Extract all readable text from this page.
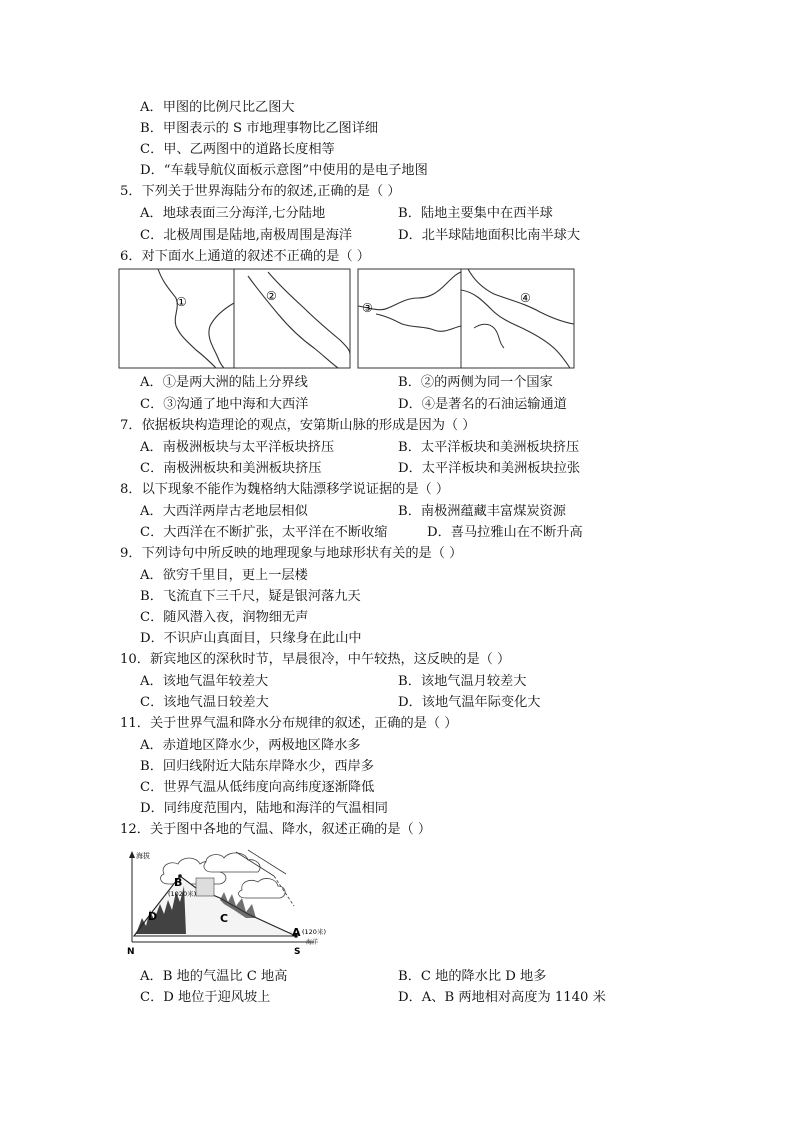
A．甲图的比例尺比乙图大
B．甲图表示的 S 市地理事物比乙图详细
C．甲、乙两图中的道路长度相等
D．“车载导航仪面板示意图”中使用的是电子地图
5．下列关于世界海陆分布的叙述,正确的是（ ）
A．地球表面三分海洋,七分陆地	B．陆地主要集中在西半球
C．北极周围是陆地,南极周围是海洋	D．北半球陆地面积比南半球大
6．对下面水上通道的叙述不正确的是（ ）
①	②
③
④
A．①是两大洲的陆上分界线	B．②的两侧为同一个国家
C．③沟通了地中海和大西洋	D．④是著名的石油运输通道
7．依据板块构造理论的观点，安第斯山脉的形成是因为（ ）
A．南极洲板块与太平洋板块挤压	B．太平洋板块和美洲板块挤压
C．南极洲板块和美洲板块挤压	D．太平洋板块和美洲板块拉张
8．以下现象不能作为魏格纳大陆漂移学说证据的是（ ）
A．大西洋两岸古老地层相似	B．南极洲蕴藏丰富煤炭资源
C．大西洋在不断扩张，太平洋在不断收缩	D．喜马拉雅山在不断升高
9．下列诗句中所反映的地理现象与地球形状有关的是（ ）
A．欲穷千里目，更上一层楼
B．飞流直下三千尺，疑是银河落九天
C．随风潜入夜，润物细无声
D．不识庐山真面目，只缘身在此山中
10．新宾地区的深秋时节，早晨很冷，中午较热，这反映的是（ ）
A．该地气温年较差大	B．该地气温月较差大
C．该地气温日较差大	D．该地气温年际变化大
11．关于世界气温和降水分布规律的叙述，正确的是（ ）
A．赤道地区降水少，两极地区降水多
B．回归线附近大陆东岸降水少，西岸多
C．世界气温从低纬度向高纬度逐渐降低
D．同纬度范围内，陆地和海洋的气温相同
12．关于图中各地的气温、降水，叙述正确的是（ ）
海拔
B
(1020米)
D	C
A (120米)
海洋
N	S
A．B 地的气温比 C 地高	B．C 地的降水比 D 地多
C．D 地位于迎风坡上	D．A、B 两地相对高度为 1140 米
